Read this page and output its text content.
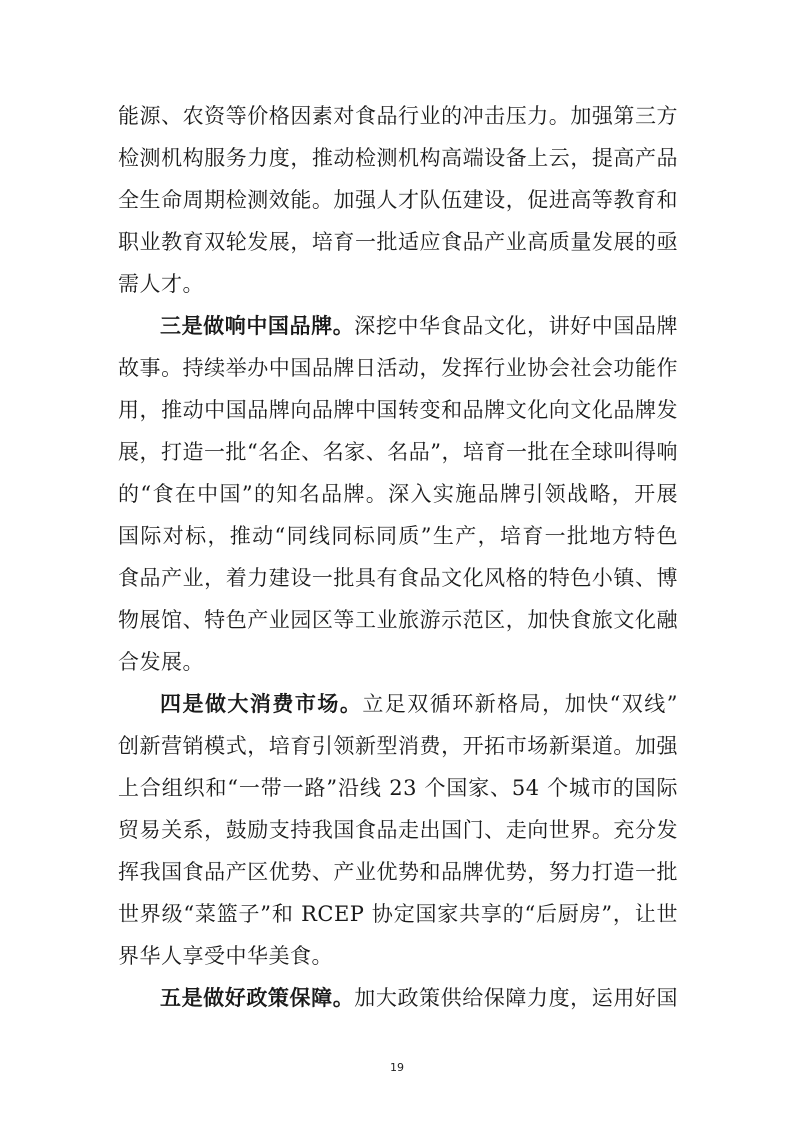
能源、农资等价格因素对食品行业的冲击压力。加强第三方
检测机构服务力度，推动检测机构高端设备上云，提高产品
全生命周期检测效能。加强人才队伍建设，促进高等教育和
职业教育双轮发展，培育一批适应食品产业高质量发展的亟
需人才。
三是做响中国品牌。深挖中华食品文化，讲好中国品牌
故事。持续举办中国品牌日活动，发挥行业协会社会功能作
用，推动中国品牌向品牌中国转变和品牌文化向文化品牌发
展，打造一批“名企、名家、名品”，培育一批在全球叫得响
的“食在中国”的知名品牌。深入实施品牌引领战略，开展
国际对标，推动“同线同标同质”生产，培育一批地方特色
食品产业，着力建设一批具有食品文化风格的特色小镇、博
物展馆、特色产业园区等工业旅游示范区，加快食旅文化融
合发展。
四是做大消费市场。立足双循环新格局，加快“双线”
创新营销模式，培育引领新型消费，开拓市场新渠道。加强
上合组织和“一带一路”沿线 23 个国家、54 个城市的国际
贸易关系，鼓励支持我国食品走出国门、走向世界。充分发
挥我国食品产区优势、产业优势和品牌优势，努力打造一批
世界级“菜篮子”和 RCEP 协定国家共享的“后厨房”，让世
界华人享受中华美食。
五是做好政策保障。加大政策供给保障力度，运用好国
19
